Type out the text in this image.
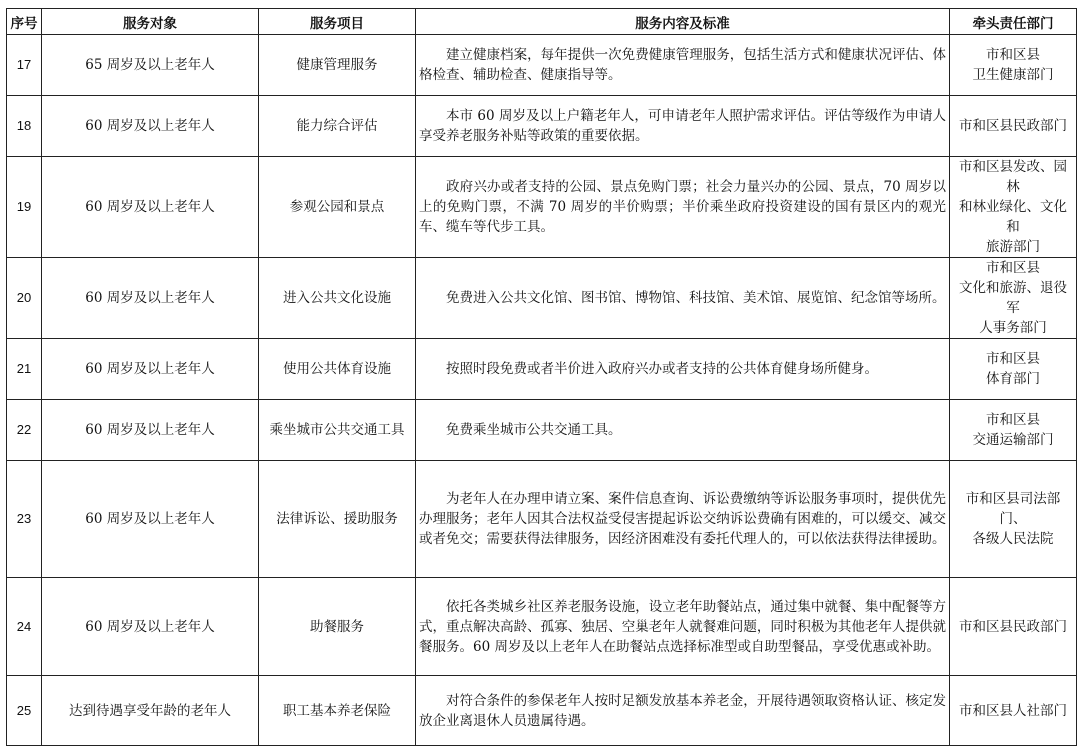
序号	服务对象	服务项目	服务内容及标准	牵头责任部门
17	65 周岁及以上老年人	健康管理服务	建立健康档案，每年提供一次免费健康管理服务，包括生活方式和健康状况评估、体格检查、辅助检查、健康指导等。	市和区县
卫生健康部门

18	60 周岁及以上老年人	能力综合评估	本市 60 周岁及以上户籍老年人，可申请老年人照护需求评估。评估等级作为申请人享受养老服务补贴等政策的重要依据。	市和区县民政部门

19	60 周岁及以上老年人	参观公园和景点	政府兴办或者支持的公园、景点免购门票；社会力量兴办的公园、景点，70 周岁以上的免购门票，不满 70 周岁的半价购票；半价乘坐政府投资建设的国有景区内的观光车、缆车等代步工具。	市和区县发改、园林
和林业绿化、文化和
旅游部门

20	60 周岁及以上老年人	进入公共文化设施	免费进入公共文化馆、图书馆、博物馆、科技馆、美术馆、展览馆、纪念馆等场所。	市和区县
文化和旅游、退役军
人事务部门

21	60 周岁及以上老年人	使用公共体育设施	按照时段免费或者半价进入政府兴办或者支持的公共体育健身场所健身。	市和区县
体育部门

22	60 周岁及以上老年人	乘坐城市公共交通工具	免费乘坐城市公共交通工具。	市和区县
交通运输部门

23	60 周岁及以上老年人	法律诉讼、援助服务	为老年人在办理申请立案、案件信息查询、诉讼费缴纳等诉讼服务事项时，提供优先办理服务；老年人因其合法权益受侵害提起诉讼交纳诉讼费确有困难的，可以缓交、减交或者免交；需要获得法律服务，因经济困难没有委托代理人的，可以依法获得法律援助。	市和区县司法部门、
各级人民法院

24	60 周岁及以上老年人	助餐服务	依托各类城乡社区养老服务设施，设立老年助餐站点，通过集中就餐、集中配餐等方式，重点解决高龄、孤寡、独居、空巢老年人就餐难问题，同时积极为其他老年人提供就餐服务。60 周岁及以上老年人在助餐站点选择标准型或自助型餐品，享受优惠或补助。	市和区县民政部门

25	达到待遇享受年龄的老年人	职工基本养老保险	对符合条件的参保老年人按时足额发放基本养老金，开展待遇领取资格认证、核定发放企业离退休人员遗属待遇。	市和区县人社部门
